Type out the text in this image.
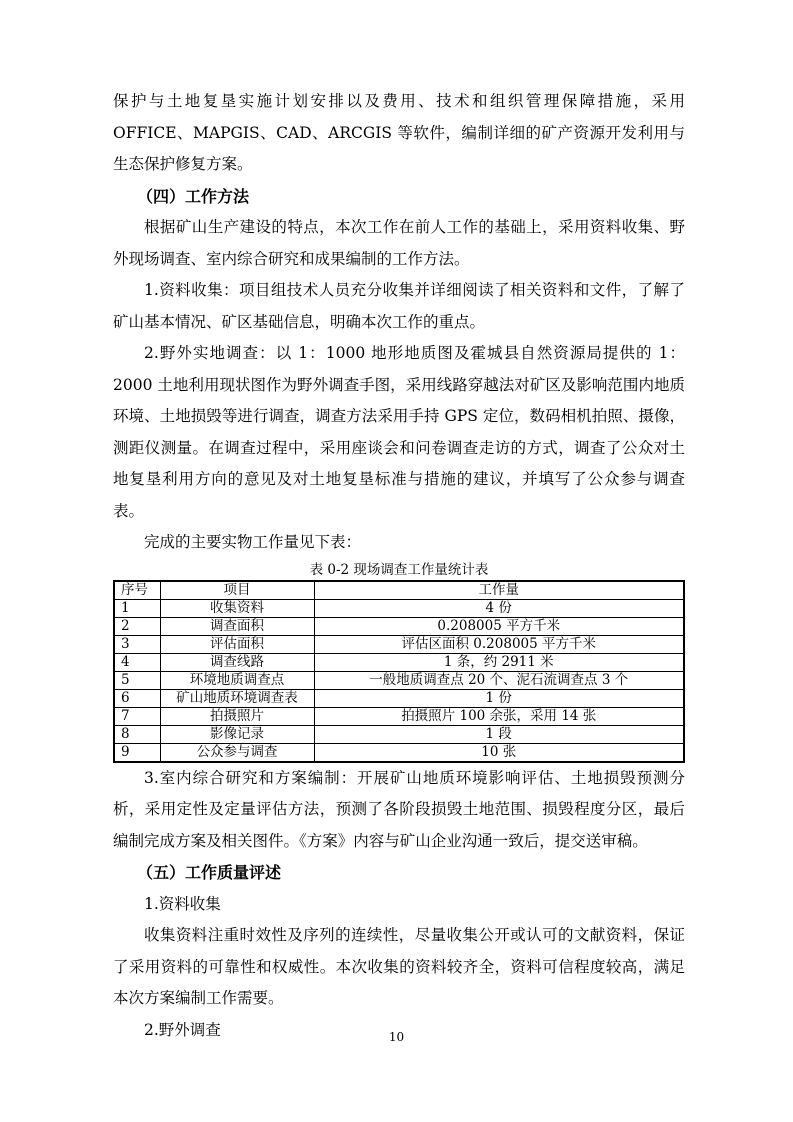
保护与土地复垦实施计划安排以及费用、技术和组织管理保障措施，采用 OFFICE、MAPGIS、CAD、ARCGIS 等软件，编制详细的矿产资源开发利用与生态保护修复方案。

（四）工作方法

根据矿山生产建设的特点，本次工作在前人工作的基础上，采用资料收集、野外现场调查、室内综合研究和成果编制的工作方法。

1.资料收集：项目组技术人员充分收集并详细阅读了相关资料和文件，了解了矿山基本情况、矿区基础信息，明确本次工作的重点。

2.野外实地调查：以 1：1000 地形地质图及霍城县自然资源局提供的 1：2000 土地利用现状图作为野外调查手图，采用线路穿越法对矿区及影响范围内地质环境、土地损毁等进行调查，调查方法采用手持 GPS 定位，数码相机拍照、摄像，测距仪测量。在调查过程中，采用座谈会和问卷调查走访的方式，调查了公众对土地复垦利用方向的意见及对土地复垦标准与措施的建议，并填写了公众参与调查表。

完成的主要实物工作量见下表：

表 0-2 现场调查工作量统计表
序号	项目	工作量
1	收集资料	4 份
2	调查面积	0.208005 平方千米
3	评估面积	评估区面积 0.208005 平方千米
4	调查线路	1 条，约 2911 米
5	环境地质调查点	一般地质调查点 20 个、泥石流调查点 3 个
6	矿山地质环境调查表	1 份
7	拍摄照片	拍摄照片 100 余张，采用 14 张
8	影像记录	1 段
9	公众参与调查	10 张

3.室内综合研究和方案编制：开展矿山地质环境影响评估、土地损毁预测分析，采用定性及定量评估方法，预测了各阶段损毁土地范围、损毁程度分区，最后编制完成方案及相关图件。《方案》内容与矿山企业沟通一致后，提交送审稿。

（五）工作质量评述

1.资料收集

收集资料注重时效性及序列的连续性，尽量收集公开或认可的文献资料，保证了采用资料的可靠性和权威性。本次收集的资料较齐全，资料可信程度较高，满足本次方案编制工作需要。

2.野外调查	10
